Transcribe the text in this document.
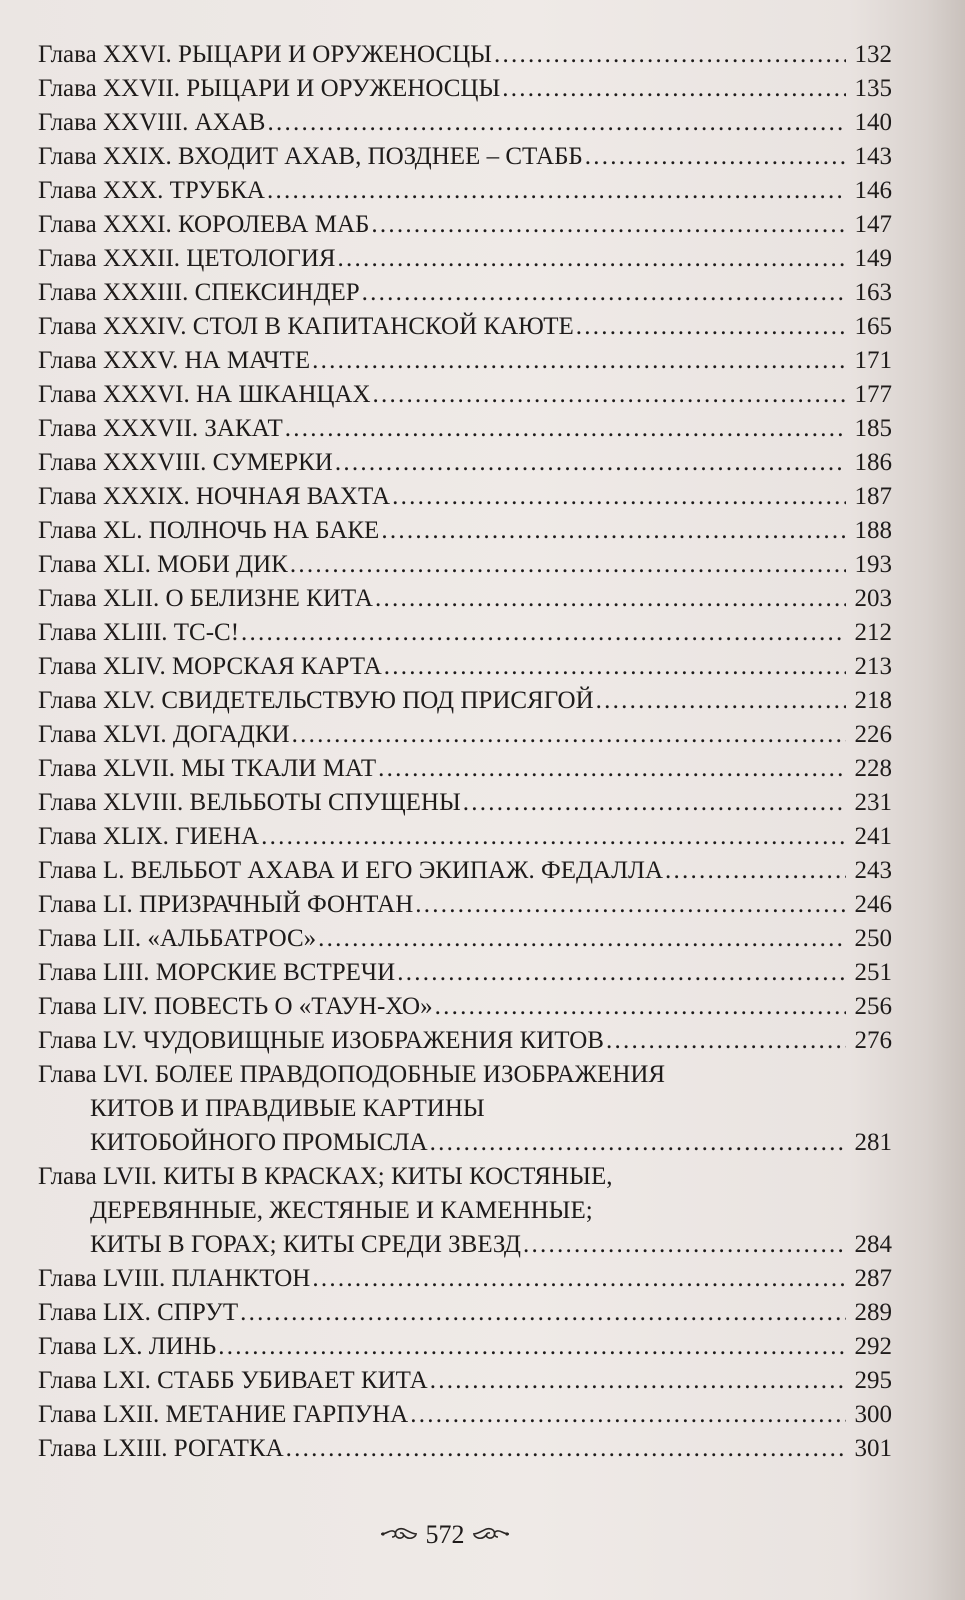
Глава XXVI. РЫЦАРИ И ОРУЖЕНОСЦЫ . . .	132
Глава XXVII. РЫЦАРИ И ОРУЖЕНОСЦЫ . . .	135
Глава XXVIII. АХАВ . . .	140
Глава XXIX. ВХОДИТ АХАВ, ПОЗДНЕЕ – СТАББ . . .	143
Глава XXX. ТРУБКА . . .	146
Глава XXXI. КОРОЛЕВА МАБ . . .	147
Глава XXXII. ЦЕТОЛОГИЯ . . .	149
Глава XXXIII. СПЕКСИНДЕР . . .	163
Глава XXXIV. СТОЛ В КАПИТАНСКОЙ КАЮТЕ . . .	165
Глава XXXV. НА МАЧТЕ . . .	171
Глава XXXVI. НА ШКАНЦАХ . . .	177
Глава XXXVII. ЗАКАТ . . .	185
Глава XXXVIII. СУМЕРКИ . . .	186
Глава XXXIX. НОЧНАЯ ВАХТА . . .	187
Глава XL. ПОЛНОЧЬ НА БАКЕ . . .	188
Глава XLI. МОБИ ДИК . . .	193
Глава XLII. О БЕЛИЗНЕ КИТА . . .	203
Глава XLIII. ТС-С! . . .	212
Глава XLIV. МОРСКАЯ КАРТА . . .	213
Глава XLV. СВИДЕТЕЛЬСТВУЮ ПОД ПРИСЯГОЙ . . .	218
Глава XLVI. ДОГАДКИ . . .	226
Глава XLVII. МЫ ТКАЛИ МАТ . . .	228
Глава XLVIII. ВЕЛЬБОТЫ СПУЩЕНЫ . . .	231
Глава XLIX. ГИЕНА . . .	241
Глава L. ВЕЛЬБОТ АХАВА И ЕГО ЭКИПАЖ. ФЕДАЛЛА . . .	243
Глава LI. ПРИЗРАЧНЫЙ ФОНТАН . . .	246
Глава LII. «АЛЬБАТРОС» . . .	250
Глава LIII. МОРСКИЕ ВСТРЕЧИ . . .	251
Глава LIV. ПОВЕСТЬ О «ТАУН-ХО» . . .	256
Глава LV. ЧУДОВИЩНЫЕ ИЗОБРАЖЕНИЯ КИТОВ . . .	276
Глава LVI. БОЛЕЕ ПРАВДОПОДОБНЫЕ ИЗОБРАЖЕНИЯ
КИТОВ И ПРАВДИВЫЕ КАРТИНЫ
КИТОБОЙНОГО ПРОМЫСЛА . . .	281
Глава LVII. КИТЫ В КРАСКАХ; КИТЫ КОСТЯНЫЕ,
ДЕРЕВЯННЫЕ, ЖЕСТЯНЫЕ И КАМЕННЫЕ;
КИТЫ В ГОРАХ; КИТЫ СРЕДИ ЗВЕЗД . . .	284
Глава LVIII. ПЛАНКТОН . . .	287
Глава LIX. СПРУТ . . .	289
Глава LX. ЛИНЬ . . .	292
Глава LXI. СТАББ УБИВАЕТ КИТА . . .	295
Глава LXII. МЕТАНИЕ ГАРПУНА . . .	300
Глава LXIII. РОГАТКА . . .	301
572
